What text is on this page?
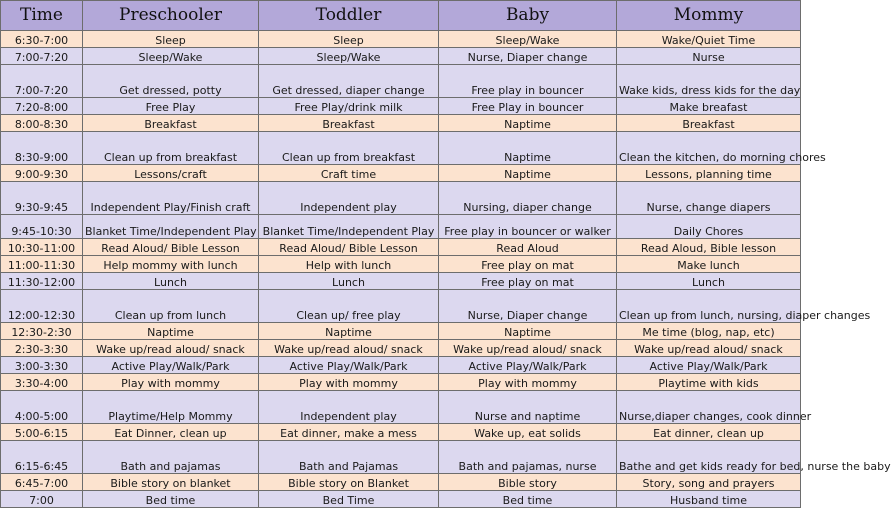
Time	Preschooler	Toddler	Baby	Mommy
6:30-7:00	Sleep	Sleep	Sleep/Wake	Wake/Quiet Time
7:00-7:20	Sleep/Wake	Sleep/Wake	Nurse, Diaper change	Nurse
7:00-7:20	Get dressed, potty	Get dressed, diaper change	Free play in bouncer	Wake kids, dress kids for the day
7:20-8:00	Free Play	Free Play/drink milk	Free Play in bouncer	Make breafast
8:00-8:30	Breakfast	Breakfast	Naptime	Breakfast
8:30-9:00	Clean up from breakfast	Clean up from breakfast	Naptime	Clean the kitchen, do morning chores
9:00-9:30	Lessons/craft	Craft time	Naptime	Lessons, planning time
9:30-9:45	Independent Play/Finish craft	Independent play	Nursing, diaper change	Nurse, change diapers
9:45-10:30	Blanket Time/Independent Play	Blanket Time/Independent Play	Free play in bouncer or walker	Daily Chores
10:30-11:00	Read Aloud/ Bible Lesson	Read Aloud/ Bible Lesson	Read Aloud	Read Aloud, Bible lesson
11:00-11:30	Help mommy with lunch	Help with lunch	Free play on mat	Make lunch
11:30-12:00	Lunch	Lunch	Free play on mat	Lunch
12:00-12:30	Clean up from lunch	Clean up/ free play	Nurse, Diaper change	Clean up from lunch, nursing, diaper changes
12:30-2:30	Naptime	Naptime	Naptime	Me time (blog, nap, etc)
2:30-3:30	Wake up/read aloud/ snack	Wake up/read aloud/ snack	Wake up/read aloud/ snack	Wake up/read aloud/ snack
3:00-3:30	Active Play/Walk/Park	Active Play/Walk/Park	Active Play/Walk/Park	Active Play/Walk/Park
3:30-4:00	Play with mommy	Play with mommy	Play with mommy	Playtime with kids
4:00-5:00	Playtime/Help Mommy	Independent play	Nurse and naptime	Nurse,diaper changes, cook dinner
5:00-6:15	Eat Dinner, clean up	Eat dinner, make a mess	Wake up, eat solids	Eat dinner, clean up
6:15-6:45	Bath and pajamas	Bath and Pajamas	Bath and pajamas, nurse	Bathe and get kids ready for bed, nurse the baby
6:45-7:00	Bible story on blanket	Bible story on Blanket	Bible story	Story, song and prayers
7:00	Bed time	Bed Time	Bed time	Husband time
